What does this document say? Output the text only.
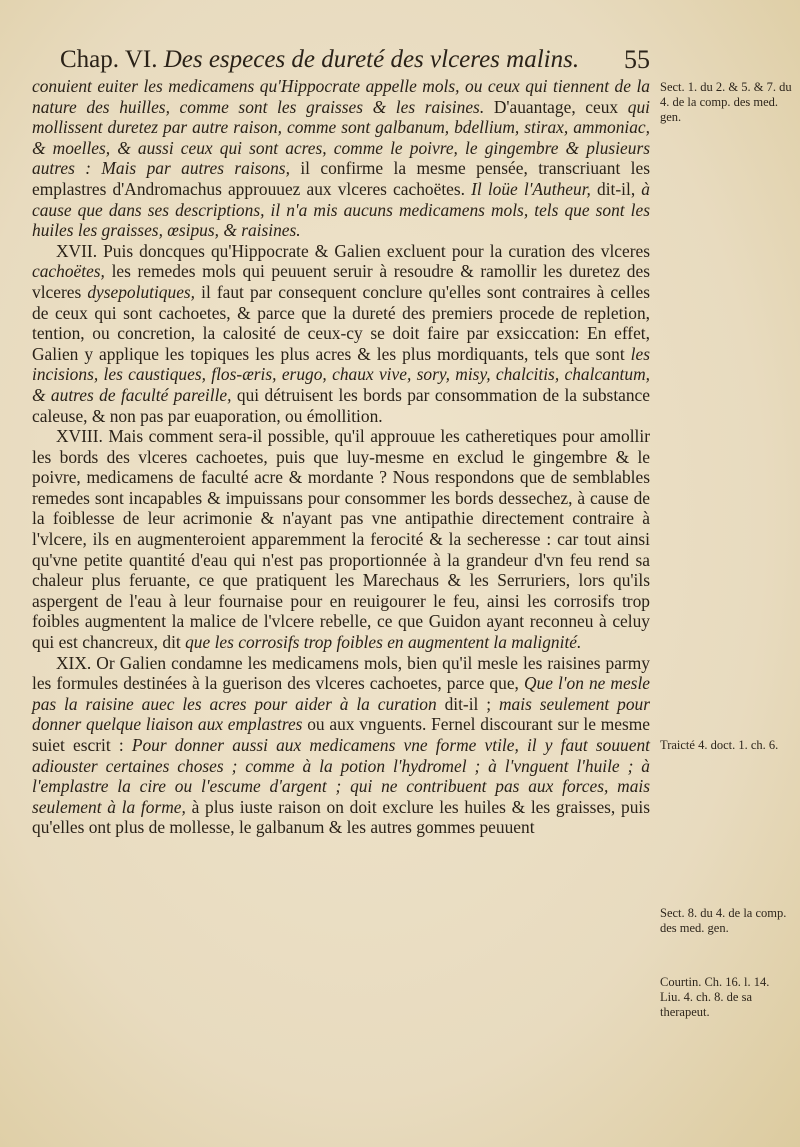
Chap. VI. Des especes de dureté des vlceres malins. 55

conuient euiter les medicamens qu'Hippocrate appelle mols, ou ceux qui tiennent de la nature des huilles, comme sont les graisses & les raisines. D'auantage, ceux qui mollissent duretez par autre raison, comme sont galbanum, bdellium, stirax, ammoniac, & moelles, & aussi ceux qui sont acres, comme le poivre, le gingembre & plusieurs autres : Mais par autres raisons, il confirme la mesme pensée, transcriuant les emplastres d'Andromachus approuuez aux vlceres cachoëtes. Il loüe l'Autheur, dit-il, à cause que dans ses descriptions, il n'a mis aucuns medicamens mols, tels que sont les huiles les graisses, œsipus, & raisines.

XVII. Puis doncques qu'Hippocrate & Galien excluent pour la curation des vlceres cachoëtes, les remedes mols qui peuuent seruir à resoudre & ramollir les duretez des vlceres dysepolutiques, il faut par consequent conclure qu'elles sont contraires à celles de ceux qui sont cachoetes, & parce que la dureté des premiers procede de repletion, tention, ou concretion, la calosité de ceux-cy se doit faire par exsiccation: En effet, Galien y applique les topiques les plus acres & les plus mordiquants, tels que sont les incisions, les caustiques, flos-æris, erugo, chaux vive, sory, misy, chalcitis, chalcantum, & autres de faculté pareille, qui détruisent les bords par consommation de la substance caleuse, & non pas par euaporation, ou émollition.

XVIII. Mais comment sera-il possible, qu'il approuue les catheretiques pour amollir les bords des vlceres cachoetes, puis que luy-mesme en exclud le gingembre & le poivre, medicamens de faculté acre & mordante ? Nous respondons que de semblables remedes sont incapables & impuissans pour consommer les bords dessechez, à cause de la foiblesse de leur acrimonie & n'ayant pas vne antipathie directement contraire à l'vlcere, ils en augmenteroient apparemment la ferocité & la secheresse : car tout ainsi qu'vne petite quantité d'eau qui n'est pas proportionnée à la grandeur d'vn feu rend sa chaleur plus feruante, ce que pratiquent les Marechaus & les Serruriers, lors qu'ils aspergent de l'eau à leur fournaise pour en reuigourer le feu, ainsi les corrosifs trop foibles augmentent la malice de l'vlcere rebelle, ce que Guidon ayant reconneu à celuy qui est chancreux, dit que les corrosifs trop foibles en augmentent la malignité.

XIX. Or Galien condamne les medicamens mols, bien qu'il mesle les raisines parmy les formules destinées à la guerison des vlceres cachoetes, parce que, Que l'on ne mesle pas la raisine auec les acres pour aider à la curation dit-il ; mais seulement pour donner quelque liaison aux emplastres ou aux vnguents. Fernel discourant sur le mesme suiet escrit : Pour donner aussi aux medicamens vne forme vtile, il y faut souuent adiouster certaines choses ; comme à la potion l'hydromel ; à l'vnguent l'huile ; à l'emplastre la cire ou l'escume d'argent ; qui ne contribuent pas aux forces, mais seulement à la forme, à plus iuste raison on doit exclure les huiles & les graisses, puis qu'elles ont plus de mollesse, le galbanum & les autres gommes peuuent

Sect. 1. du 2. & 5. & 7. du 4. de la comp. des med. gen.
Traicté 4. doct. 1. ch. 6.
Sect. 8. du 4. de la comp. des med. gen.
Courtin. Ch. 16. l. 14. Liu. 4. ch. 8. de sa therapeut.
